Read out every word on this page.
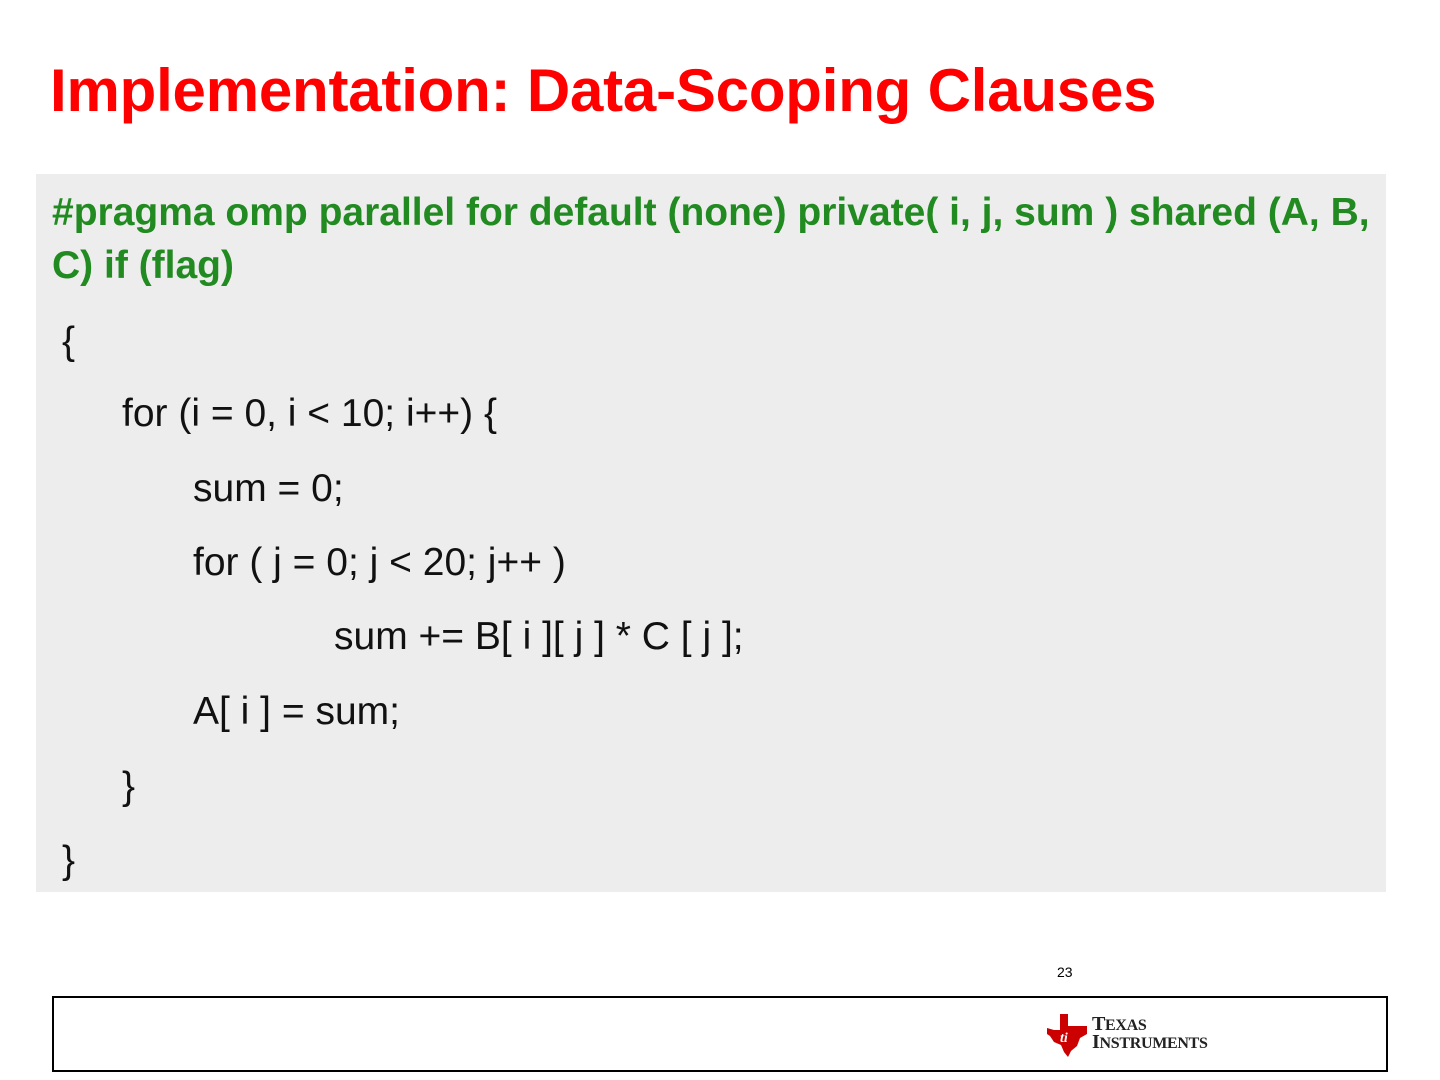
Implementation: Data-Scoping Clauses
#pragma omp parallel for default (none) private( i, j, sum ) shared (A, B, C) if (flag)
{
for (i = 0, i < 10; i++) {
sum = 0;
for ( j = 0; j < 20; j++ )
sum += B[ i ][ j ] * C [ j ];
A[ i ] = sum;
}
}
23
ti
TEXAS
INSTRUMENTS
